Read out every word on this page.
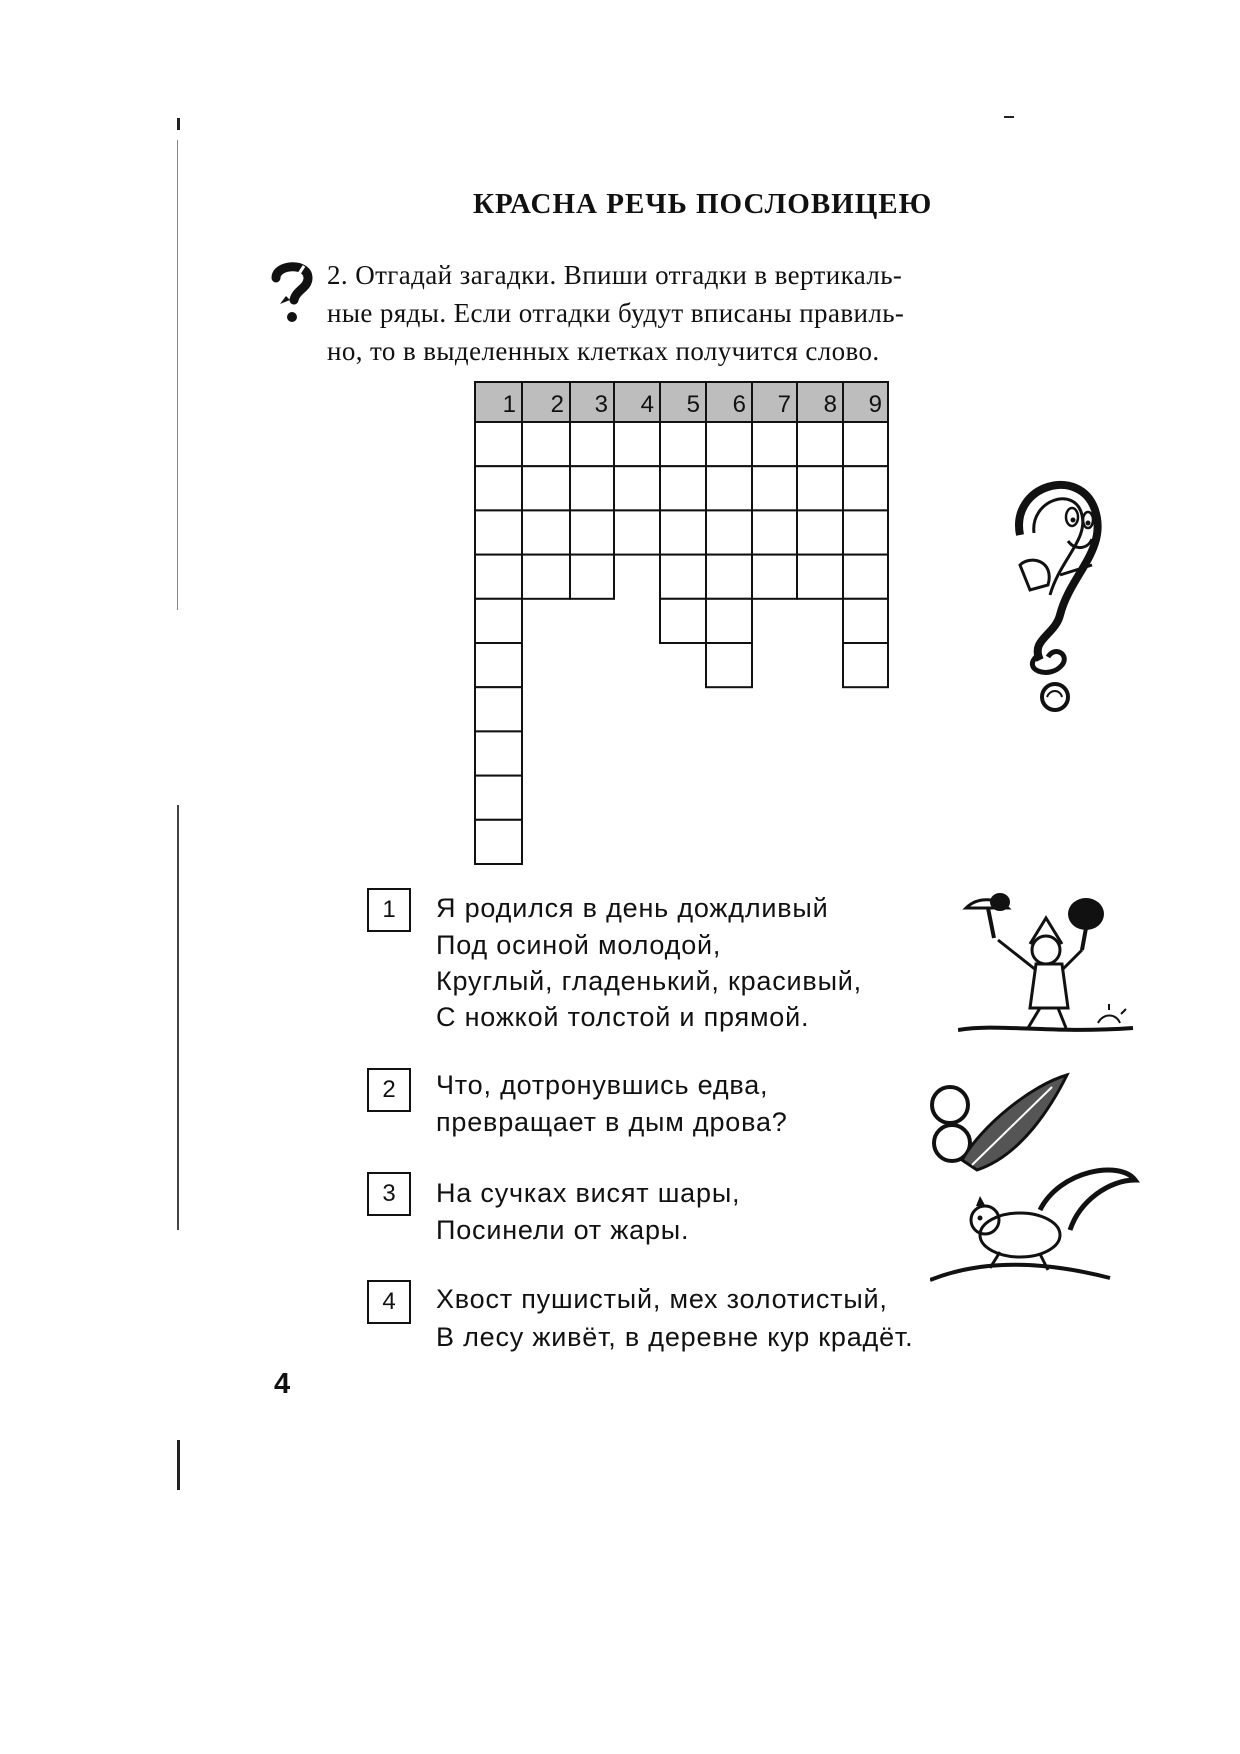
КРАСНА РЕЧЬ ПОСЛОВИЦЕЮ
2. Отгадай загадки. Впиши отгадки в вертикаль-
ные ряды. Если отгадки будут вписаны правиль-
но, то в выделенных клетках получится слово.
1 2 3 4 5 6 7 8 9
1	Я родился в день дождливый
Под осиной молодой,
Круглый, гладенький, красивый,
С ножкой толстой и прямой.
2	Что, дотронувшись едва,
превращает в дым дрова?
3	На сучках висят шары,
Посинели от жары.
4	Хвост пушистый, мех золотистый,
В лесу живёт, в деревне кур крадёт.
4
